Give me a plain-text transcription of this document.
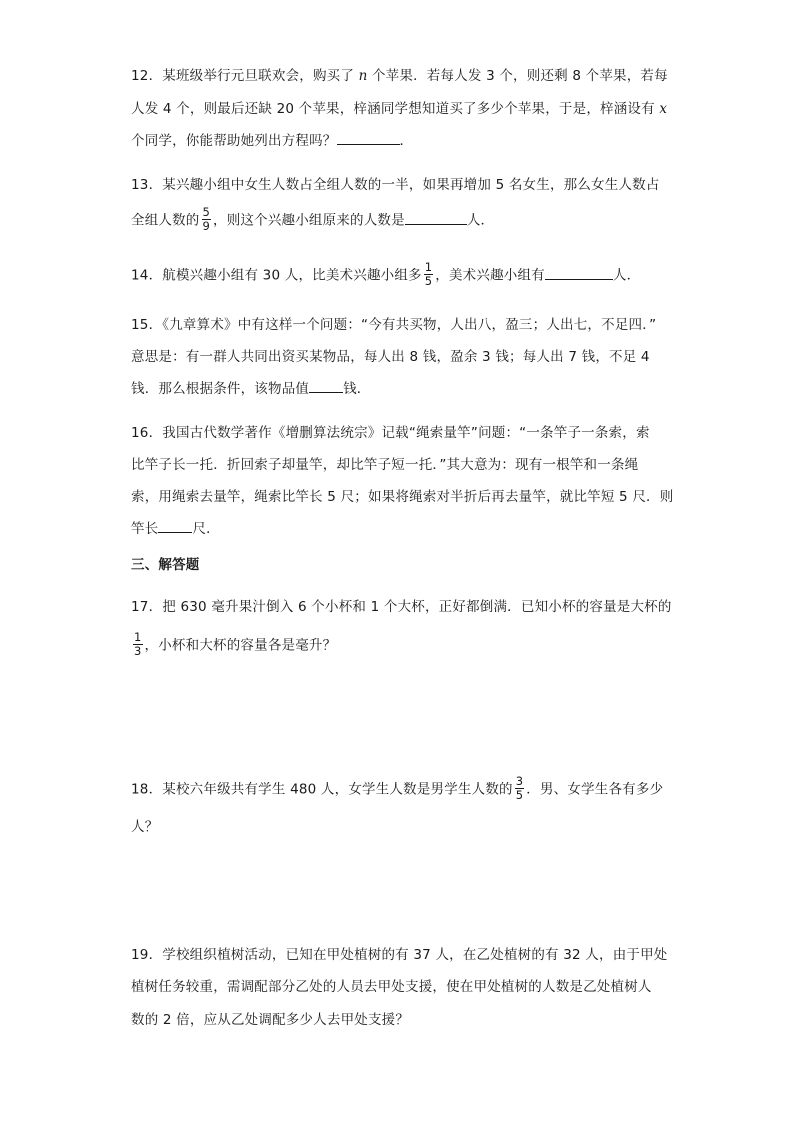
12．某班级举行元旦联欢会，购买了 n 个苹果．若每人发 3 个，则还剩 8 个苹果，若每
人发 4 个，则最后还缺 20 个苹果，梓涵同学想知道买了多少个苹果，于是，梓涵设有 x
个同学，你能帮助她列出方程吗？	．
13．某兴趣小组中女生人数占全组人数的一半，如果再增加 5 名女生，那么女生人数占
全组人数的 $\frac{5}{9}$ ，则这个兴趣小组原来的人数是	人．
14．航模兴趣小组有 30 人，比美术兴趣小组多 $\frac{1}{5}$ ，美术兴趣小组有	人．
15．《九章算术》中有这样一个问题：“今有共买物，人出八，盈三；人出七，不足四．”
意思是：有一群人共同出资买某物品，每人出 8 钱，盈余 3 钱；每人出 7 钱，不足 4
钱．那么根据条件，该物品值	钱．
16．我国古代数学著作《增删算法统宗》记载“绳索量竿”问题：“一条竿子一条索，索
比竿子长一托．折回索子却量竿，却比竿子短一托．”其大意为：现有一根竿和一条绳
索，用绳索去量竿，绳索比竿长 5 尺；如果将绳索对半折后再去量竿，就比竿短 5 尺．则
竿长	尺．
三、解答题
17．把 630 毫升果汁倒入 6 个小杯和 1 个大杯，正好都倒满．已知小杯的容量是大杯的
$\frac{1}{3}$ ，小杯和大杯的容量各是毫升？
18．某校六年级共有学生 480 人，女学生人数是男学生人数的 $\frac{3}{5}$ ．男、女学生各有多少
人？
19．学校组织植树活动，已知在甲处植树的有 37 人，在乙处植树的有 32 人，由于甲处
植树任务较重，需调配部分乙处的人员去甲处支援，使在甲处植树的人数是乙处植树人
数的 2 倍，应从乙处调配多少人去甲处支援？
